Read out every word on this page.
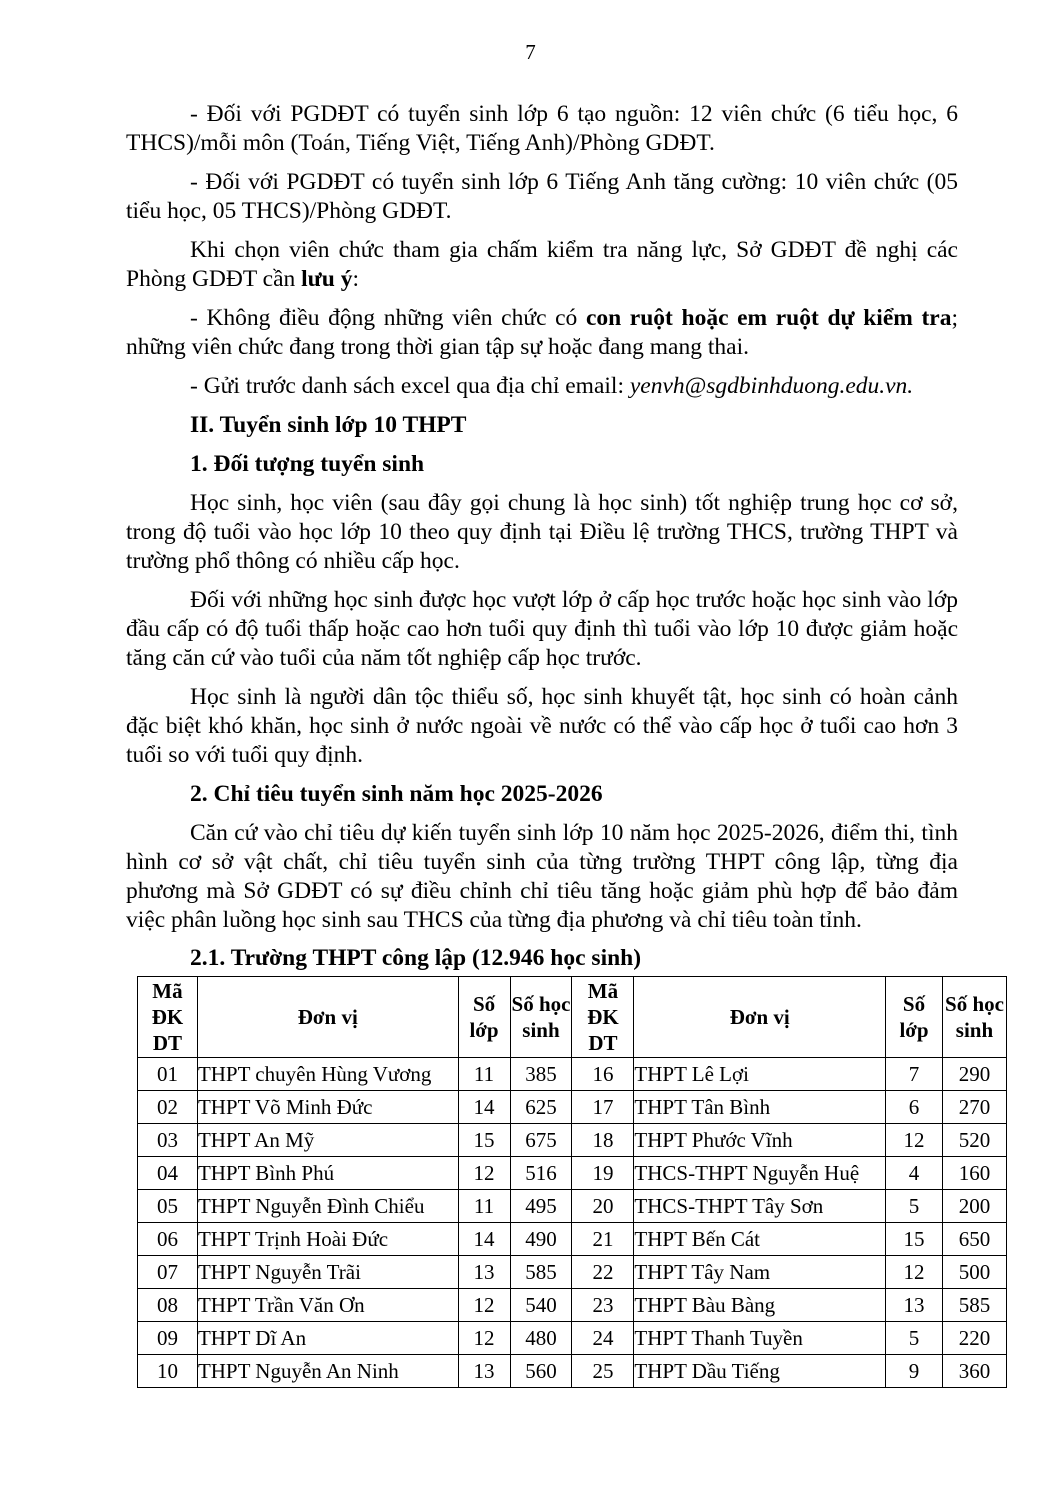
7

- Đối với PGDĐT có tuyển sinh lớp 6 tạo nguồn: 12 viên chức (6 tiểu học, 6 THCS)/mỗi môn (Toán, Tiếng Việt, Tiếng Anh)/Phòng GDĐT.

- Đối với PGDĐT có tuyển sinh lớp 6 Tiếng Anh tăng cường: 10 viên chức (05 tiểu học, 05 THCS)/Phòng GDĐT.

Khi chọn viên chức tham gia chấm kiểm tra năng lực, Sở GDĐT đề nghị các Phòng GDĐT cần lưu ý:

- Không điều động những viên chức có con ruột hoặc em ruột dự kiểm tra; những viên chức đang trong thời gian tập sự hoặc đang mang thai.

- Gửi trước danh sách excel qua địa chỉ email: yenvh@sgdbinhduong.edu.vn.

II. Tuyển sinh lớp 10 THPT

1. Đối tượng tuyển sinh

Học sinh, học viên (sau đây gọi chung là học sinh) tốt nghiệp trung học cơ sở, trong độ tuổi vào học lớp 10 theo quy định tại Điều lệ trường THCS, trường THPT và trường phổ thông có nhiều cấp học.

Đối với những học sinh được học vượt lớp ở cấp học trước hoặc học sinh vào lớp đầu cấp có độ tuổi thấp hoặc cao hơn tuổi quy định thì tuổi vào lớp 10 được giảm hoặc tăng căn cứ vào tuổi của năm tốt nghiệp cấp học trước.

Học sinh là người dân tộc thiểu số, học sinh khuyết tật, học sinh có hoàn cảnh đặc biệt khó khăn, học sinh ở nước ngoài về nước có thể vào cấp học ở tuổi cao hơn 3 tuổi so với tuổi quy định.

2. Chỉ tiêu tuyển sinh năm học 2025-2026

Căn cứ vào chỉ tiêu dự kiến tuyển sinh lớp 10 năm học 2025-2026, điểm thi, tình hình cơ sở vật chất, chỉ tiêu tuyển sinh của từng trường THPT công lập, từng địa phương mà Sở GDĐT có sự điều chỉnh chỉ tiêu tăng hoặc giảm phù hợp để bảo đảm việc phân luồng học sinh sau THCS của từng địa phương và chỉ tiêu toàn tỉnh.

2.1. Trường THPT công lập (12.946 học sinh)

Mã ĐK DT	Đơn vị	Số lớp	Số học sinh	Mã ĐK DT	Đơn vị	Số lớp	Số học sinh
01	THPT chuyên Hùng Vương	11	385	16	THPT Lê Lợi	7	290
02	THPT Võ Minh Đức	14	625	17	THPT Tân Bình	6	270
03	THPT An Mỹ	15	675	18	THPT Phước Vĩnh	12	520
04	THPT Bình Phú	12	516	19	THCS-THPT Nguyễn Huệ	4	160
05	THPT Nguyễn Đình Chiểu	11	495	20	THCS-THPT Tây Sơn	5	200
06	THPT Trịnh Hoài Đức	14	490	21	THPT Bến Cát	15	650
07	THPT Nguyễn Trãi	13	585	22	THPT Tây Nam	12	500
08	THPT Trần Văn Ơn	12	540	23	THPT Bàu Bàng	13	585
09	THPT Dĩ An	12	480	24	THPT Thanh Tuyền	5	220
10	THPT Nguyễn An Ninh	13	560	25	THPT Dầu Tiếng	9	360
